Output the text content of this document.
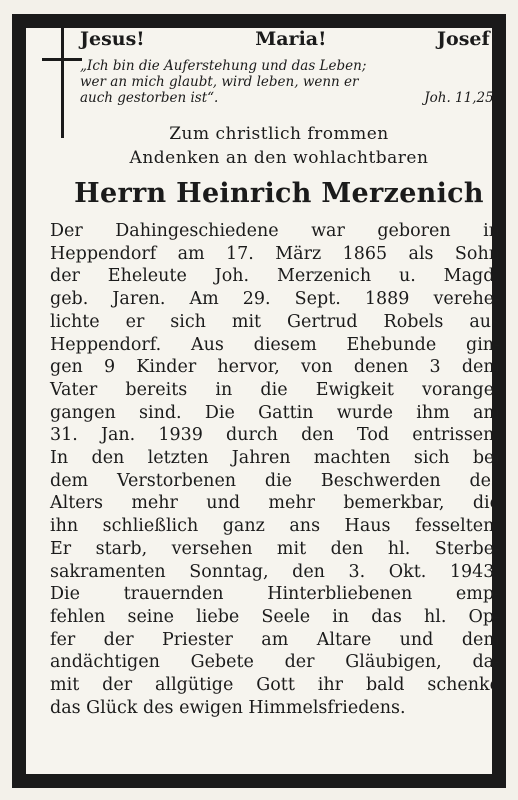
Jesus!	Maria!	Josef!
„Ich bin die Auferstehung und das Leben;
wer an mich glaubt, wird leben, wenn er
auch gestorben ist“.	Joh. 11,25.
Zum christlich frommen
Andenken an den wohlachtbaren
Herrn Heinrich Merzenich
Der Dahingeschiedene war geboren in
Heppendorf am 17. März 1865 als Sohn
der Eheleute Joh. Merzenich u. Magd.
geb. Jaren. Am 29. Sept. 1889 verehe-
lichte er sich mit Gertrud Robels aus
Heppendorf. Aus diesem Ehebunde gin-
gen 9 Kinder hervor, von denen 3 dem
Vater bereits in die Ewigkeit vorange-
gangen sind. Die Gattin wurde ihm am
31. Jan. 1939 durch den Tod entrissen.
In den letzten Jahren machten sich bei
dem Verstorbenen die Beschwerden des
Alters mehr und mehr bemerkbar, die
ihn schließlich ganz ans Haus fesselten.
Er starb, versehen mit den hl. Sterbe-
sakramenten Sonntag, den 3. Okt. 1943.
Die trauernden Hinterbliebenen emp-
fehlen seine liebe Seele in das hl. Op-
fer der Priester am Altare und dem
andächtigen Gebete der Gläubigen, da-
mit der allgütige Gott ihr bald schenke
das Glück des ewigen Himmelsfriedens.
